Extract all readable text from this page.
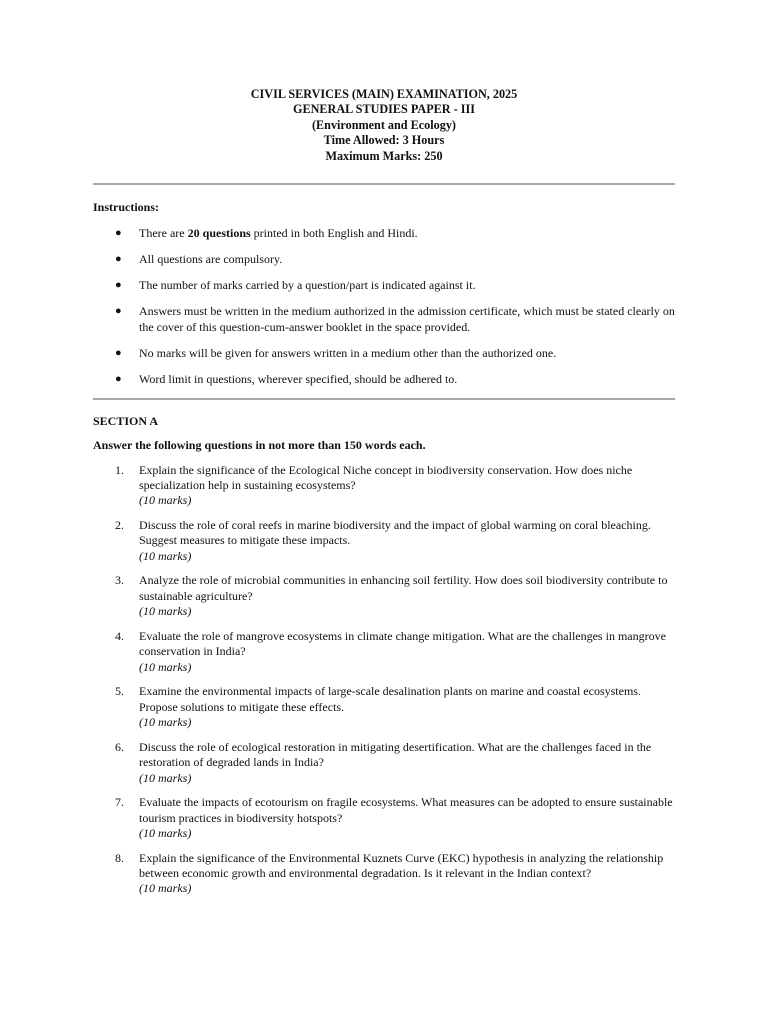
CIVIL SERVICES (MAIN) EXAMINATION, 2025
GENERAL STUDIES PAPER - III
(Environment and Ecology)
Time Allowed: 3 Hours
Maximum Marks: 250
Instructions:
● There are 20 questions printed in both English and Hindi.
● All questions are compulsory.
● The number of marks carried by a question/part is indicated against it.
● Answers must be written in the medium authorized in the admission certificate, which must be stated clearly on the cover of this question-cum-answer booklet in the space provided.
● No marks will be given for answers written in a medium other than the authorized one.
● Word limit in questions, wherever specified, should be adhered to.
SECTION A
Answer the following questions in not more than 150 words each.
1. Explain the significance of the Ecological Niche concept in biodiversity conservation. How does niche specialization help in sustaining ecosystems?
(10 marks)
2. Discuss the role of coral reefs in marine biodiversity and the impact of global warming on coral bleaching. Suggest measures to mitigate these impacts.
(10 marks)
3. Analyze the role of microbial communities in enhancing soil fertility. How does soil biodiversity contribute to sustainable agriculture?
(10 marks)
4. Evaluate the role of mangrove ecosystems in climate change mitigation. What are the challenges in mangrove conservation in India?
(10 marks)
5. Examine the environmental impacts of large-scale desalination plants on marine and coastal ecosystems. Propose solutions to mitigate these effects.
(10 marks)
6. Discuss the role of ecological restoration in mitigating desertification. What are the challenges faced in the restoration of degraded lands in India?
(10 marks)
7. Evaluate the impacts of ecotourism on fragile ecosystems. What measures can be adopted to ensure sustainable tourism practices in biodiversity hotspots?
(10 marks)
8. Explain the significance of the Environmental Kuznets Curve (EKC) hypothesis in analyzing the relationship between economic growth and environmental degradation. Is it relevant in the Indian context?
(10 marks)
